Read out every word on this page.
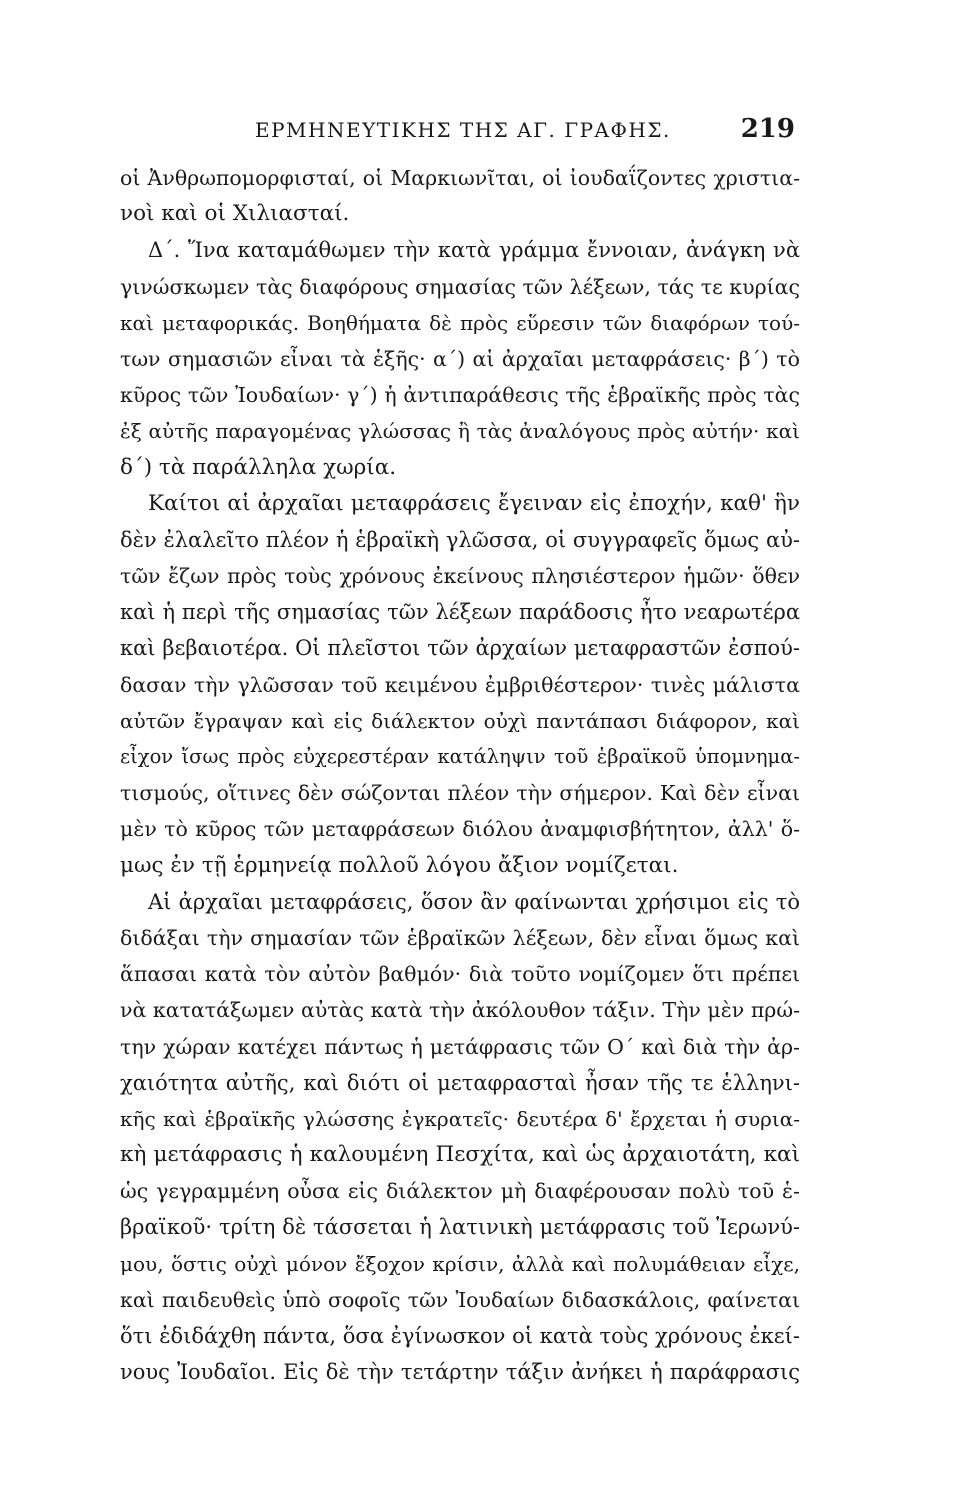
ΕΡΜΗΝΕΥΤΙΚΗΣ ΤΗΣ ΑΓ. ΓΡΑΦΗΣ.	219
οἱ Ἀνθρωπομορφισταί, οἱ Μαρκιωνῖται, οἱ ἰουδαΐζοντες χριστια-
νοὶ καὶ οἱ Χιλιασταί.
Δ΄. Ἵνα καταμάθωμεν τὴν κατὰ γράμμα ἔννοιαν, ἀνάγκη νὰ
γινώσκωμεν τὰς διαφόρους σημασίας τῶν λέξεων, τάς τε κυρίας
καὶ μεταφορικάς. Βοηθήματα δὲ πρὸς εὕρεσιν τῶν διαφόρων τού-
των σημασιῶν εἶναι τὰ ἑξῆς· α΄) αἱ ἀρχαῖαι μεταφράσεις· β΄) τὸ
κῦρος τῶν Ἰουδαίων· γ΄) ἡ ἀντιπαράθεσις τῆς ἑβραϊκῆς πρὸς τὰς
ἐξ αὐτῆς παραγομένας γλώσσας ἢ τὰς ἀναλόγους πρὸς αὐτήν· καὶ
δ΄) τὰ παράλληλα χωρία.
Καίτοι αἱ ἀρχαῖαι μεταφράσεις ἔγειναν εἰς ἐποχήν, καθ' ἣν
δὲν ἐλαλεῖτο πλέον ἡ ἑβραϊκὴ γλῶσσα, οἱ συγγραφεῖς ὅμως αὐ-
τῶν ἔζων πρὸς τοὺς χρόνους ἐκείνους πλησιέστερον ἡμῶν· ὅθεν
καὶ ἡ περὶ τῆς σημασίας τῶν λέξεων παράδοσις ἦτο νεαρωτέρα
καὶ βεβαιοτέρα. Οἱ πλεῖστοι τῶν ἀρχαίων μεταφραστῶν ἐσπού-
δασαν τὴν γλῶσσαν τοῦ κειμένου ἐμβριθέστερον· τινὲς μάλιστα
αὐτῶν ἔγραψαν καὶ εἰς διάλεκτον οὐχὶ παντάπασι διάφορον, καὶ
εἶχον ἴσως πρὸς εὐχερεστέραν κατάληψιν τοῦ ἑβραϊκοῦ ὑπομνημα-
τισμούς, οἵτινες δὲν σώζονται πλέον τὴν σήμερον. Καὶ δὲν εἶναι
μὲν τὸ κῦρος τῶν μεταφράσεων διόλου ἀναμφισβήτητον, ἀλλ' ὅ-
μως ἐν τῇ ἑρμηνείᾳ πολλοῦ λόγου ἄξιον νομίζεται.
Αἱ ἀρχαῖαι μεταφράσεις, ὅσον ἂν φαίνωνται χρήσιμοι εἰς τὸ
διδάξαι τὴν σημασίαν τῶν ἑβραϊκῶν λέξεων, δὲν εἶναι ὅμως καὶ
ἅπασαι κατὰ τὸν αὐτὸν βαθμόν· διὰ τοῦτο νομίζομεν ὅτι πρέπει
νὰ κατατάξωμεν αὐτὰς κατὰ τὴν ἀκόλουθον τάξιν. Τὴν μὲν πρώ-
την χώραν κατέχει πάντως ἡ μετάφρασις τῶν Ο΄ καὶ διὰ τὴν ἀρ-
χαιότητα αὐτῆς, καὶ διότι οἱ μεταφρασταὶ ἦσαν τῆς τε ἑλληνι-
κῆς καὶ ἑβραϊκῆς γλώσσης ἐγκρατεῖς· δευτέρα δ' ἔρχεται ἡ συρια-
κὴ μετάφρασις ἡ καλουμένη Πεσχίτα, καὶ ὡς ἀρχαιοτάτη, καὶ
ὡς γεγραμμένη οὖσα εἰς διάλεκτον μὴ διαφέρουσαν πολὺ τοῦ ἑ-
βραϊκοῦ· τρίτη δὲ τάσσεται ἡ λατινικὴ μετάφρασις τοῦ Ἱερωνύ-
μου, ὅστις οὐχὶ μόνον ἔξοχον κρίσιν, ἀλλὰ καὶ πολυμάθειαν εἶχε,
καὶ παιδευθεὶς ὑπὸ σοφοῖς τῶν Ἰουδαίων διδασκάλοις, φαίνεται
ὅτι ἐδιδάχθη πάντα, ὅσα ἐγίνωσκον οἱ κατὰ τοὺς χρόνους ἐκεί-
νους Ἰουδαῖοι. Εἰς δὲ τὴν τετάρτην τάξιν ἀνήκει ἡ παράφρασις
